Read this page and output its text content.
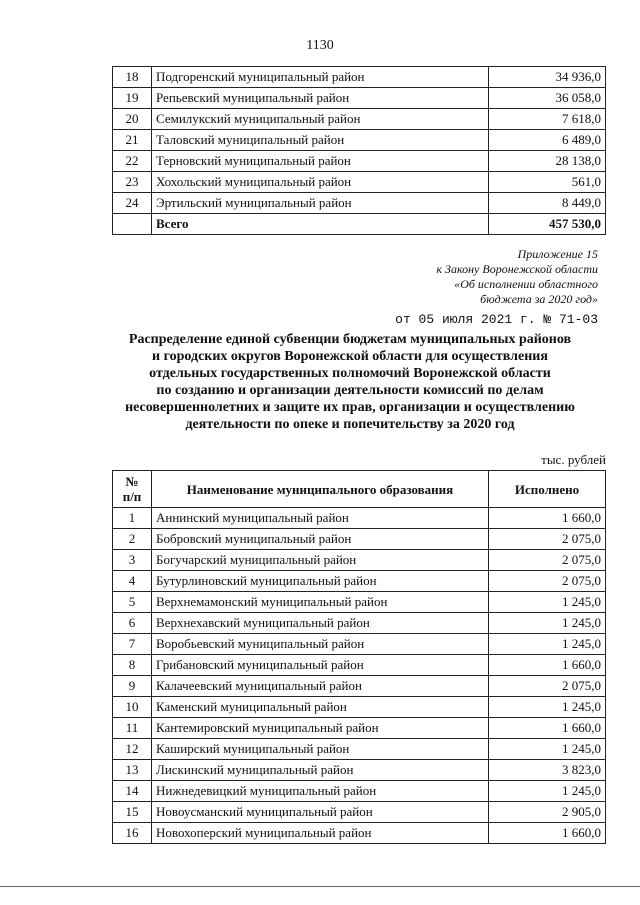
1130
18	Подгоренский муниципальный район	34 936,0
19	Репьевский муниципальный район	36 058,0
20	Семилукский муниципальный район	7 618,0
21	Таловский муниципальный район	6 489,0
22	Терновский муниципальный район	28 138,0
23	Хохольский муниципальный район	561,0
24	Эртильский муниципальный район	8 449,0
	Всего	457 530,0
Приложение 15
к Закону Воронежской области
«Об исполнении областного
бюджета за 2020 год»
от 05 июля 2021 г. № 71-03
Распределение единой субвенции бюджетам муниципальных районов
и городских округов Воронежской области для осуществления
отдельных государственных полномочий Воронежской области
по созданию и организации деятельности комиссий по делам
несовершеннолетних и защите их прав, организации и осуществлению
деятельности по опеке и попечительству за 2020 год
тыс. рублей
№
п/п	Наименование муниципального образования	Исполнено
1	Аннинский муниципальный район	1 660,0
2	Бобровский муниципальный район	2 075,0
3	Богучарский муниципальный район	2 075,0
4	Бутурлиновский муниципальный район	2 075,0
5	Верхнемамонский муниципальный район	1 245,0
6	Верхнехавский муниципальный район	1 245,0
7	Воробьевский муниципальный район	1 245,0
8	Грибановский муниципальный район	1 660,0
9	Калачеевский муниципальный район	2 075,0
10	Каменский муниципальный район	1 245,0
11	Кантемировский муниципальный район	1 660,0
12	Каширский муниципальный район	1 245,0
13	Лискинский муниципальный район	3 823,0
14	Нижнедевицкий муниципальный район	1 245,0
15	Новоусманский муниципальный район	2 905,0
16	Новохоперский муниципальный район	1 660,0
